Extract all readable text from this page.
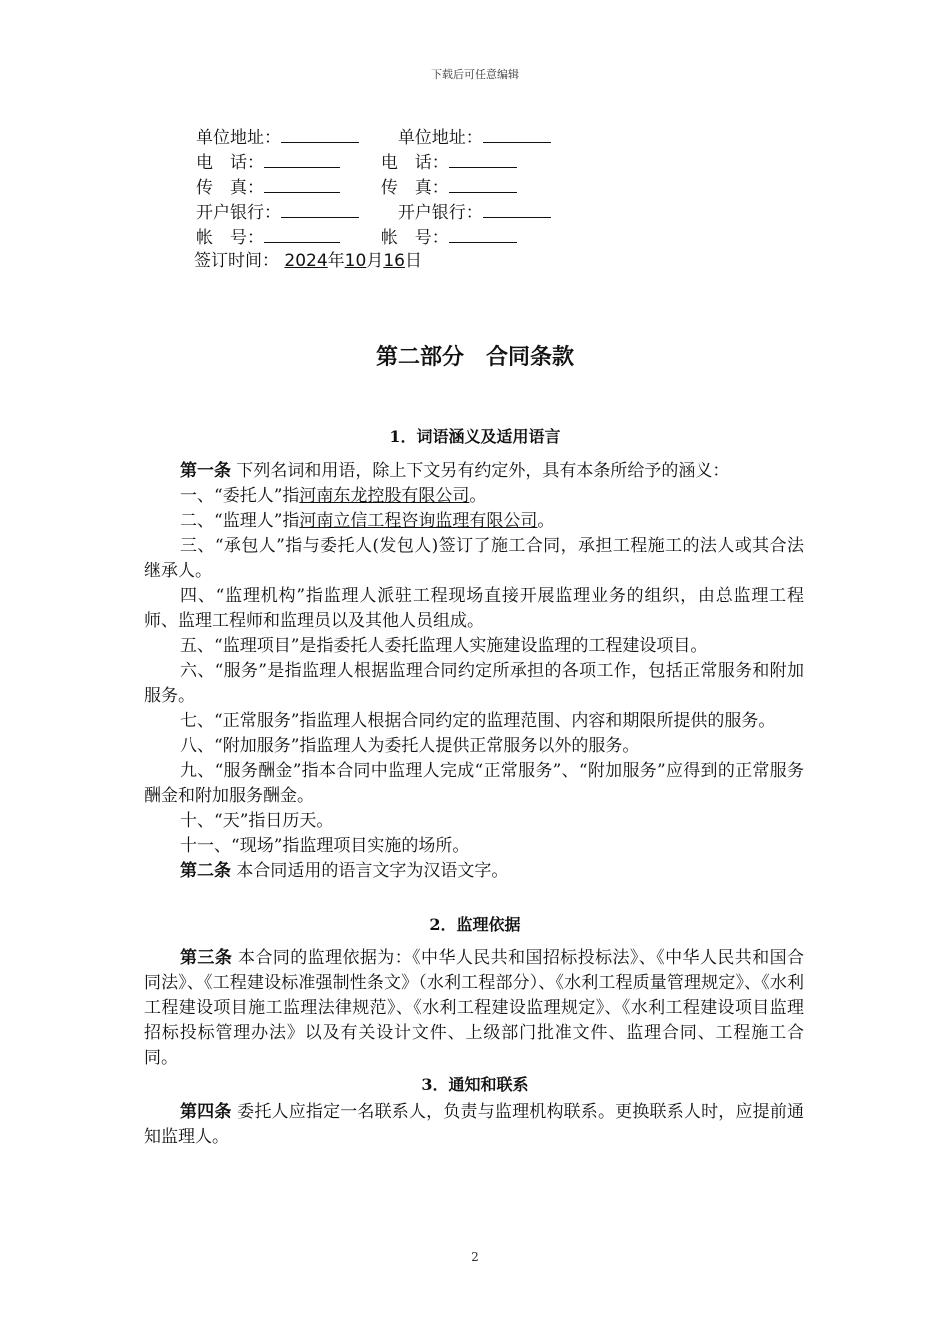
下载后可任意编辑
单位地址：	单位地址：
电　话：	电　话：
传　真：	传　真：
开户银行：	开户银行：
帐　号：	帐　号：
签订时间： 2024年10月16日
第二部分　合同条款
1．词语涵义及适用语言

第一条 下列名词和用语，除上下文另有约定外，具有本条所给予的涵义：

一、“委托人”指河南东龙控股有限公司。

二、“监理人”指河南立信工程咨询监理有限公司。

三、“承包人”指与委托人(发包人)签订了施工合同，承担工程施工的法人或其合法继承人。

四、“监理机构”指监理人派驻工程现场直接开展监理业务的组织，由总监理工程师、监理工程师和监理员以及其他人员组成。

五、“监理项目”是指委托人委托监理人实施建设监理的工程建设项目。

六、“服务”是指监理人根据监理合同约定所承担的各项工作，包括正常服务和附加服务。

七、“正常服务”指监理人根据合同约定的监理范围、内容和期限所提供的服务。

八、“附加服务”指监理人为委托人提供正常服务以外的服务。

九、“服务酬金”指本合同中监理人完成“正常服务”、“附加服务”应得到的正常服务酬金和附加服务酬金。

十、“天”指日历天。

十一、“现场”指监理项目实施的场所。

第二条 本合同适用的语言文字为汉语文字。

2．监理依据

第三条 本合同的监理依据为：《中华人民共和国招标投标法》、《中华人民共和国合同法》、《工程建设标准强制性条文》（水利工程部分）、《水利工程质量管理规定》、《水利工程建设项目施工监理法律规范》、《水利工程建设监理规定》、《水利工程建设项目监理招标投标管理办法》以及有关设计文件、上级部门批准文件、监理合同、工程施工合同。

3．通知和联系

第四条 委托人应指定一名联系人，负责与监理机构联系。更换联系人时，应提前通知监理人。

2
